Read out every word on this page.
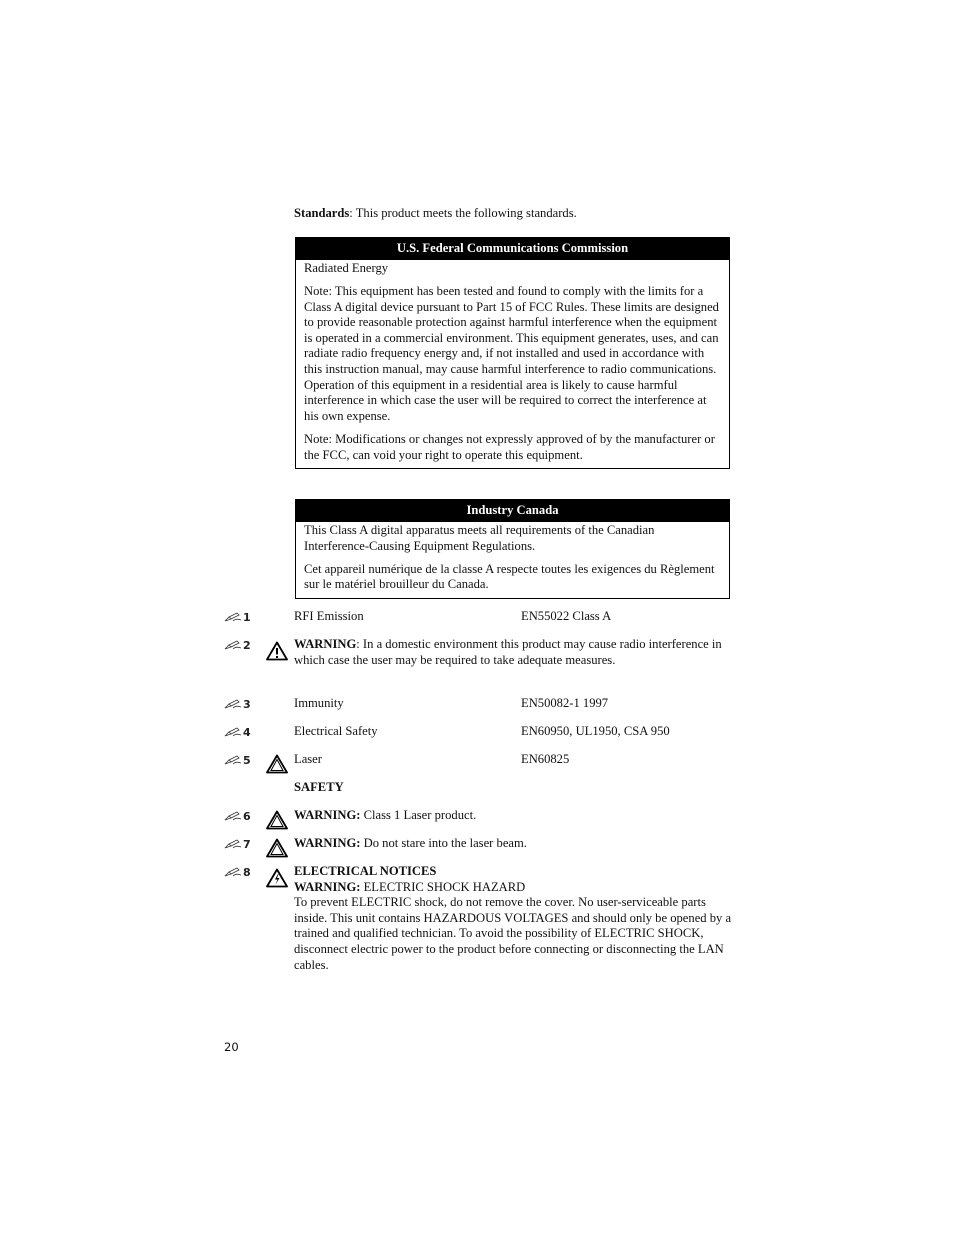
Standards: This product meets the following standards.
U.S. Federal Communications Commission

Radiated Energy

Note: This equipment has been tested and found to comply with the limits for a Class A digital device pursuant to Part 15 of FCC Rules. These limits are designed to provide reasonable protection against harmful interference when the equipment is operated in a commercial environment. This equipment generates, uses, and can radiate radio frequency energy and, if not installed and used in accordance with this instruction manual, may cause harmful interference to radio communications. Operation of this equipment in a residential area is likely to cause harmful interference in which case the user will be required to correct the interference at his own expense.

Note: Modifications or changes not expressly approved of by the manufacturer or the FCC, can void your right to operate this equipment.

Industry Canada

This Class A digital apparatus meets all requirements of the Canadian Interference-Causing Equipment Regulations.

Cet appareil numérique de la classe A respecte toutes les exigences du Règlement sur le matériel brouilleur du Canada.

1	RFI Emission	EN55022 Class A
2	WARNING: In a domestic environment this product may cause radio interference in which case the user may be required to take adequate measures.
3	Immunity	EN50082-1 1997
4	Electrical Safety	EN60950, UL1950, CSA 950
5	Laser	EN60825
SAFETY
6	WARNING: Class 1 Laser product.
7	WARNING: Do not stare into the laser beam.
8	ELECTRICAL NOTICES
WARNING: ELECTRIC SHOCK HAZARD
To prevent ELECTRIC shock, do not remove the cover. No user-serviceable parts inside. This unit contains HAZARDOUS VOLTAGES and should only be opened by a trained and qualified technician. To avoid the possibility of ELECTRIC SHOCK, disconnect electric power to the product before connecting or disconnecting the LAN cables.
20
